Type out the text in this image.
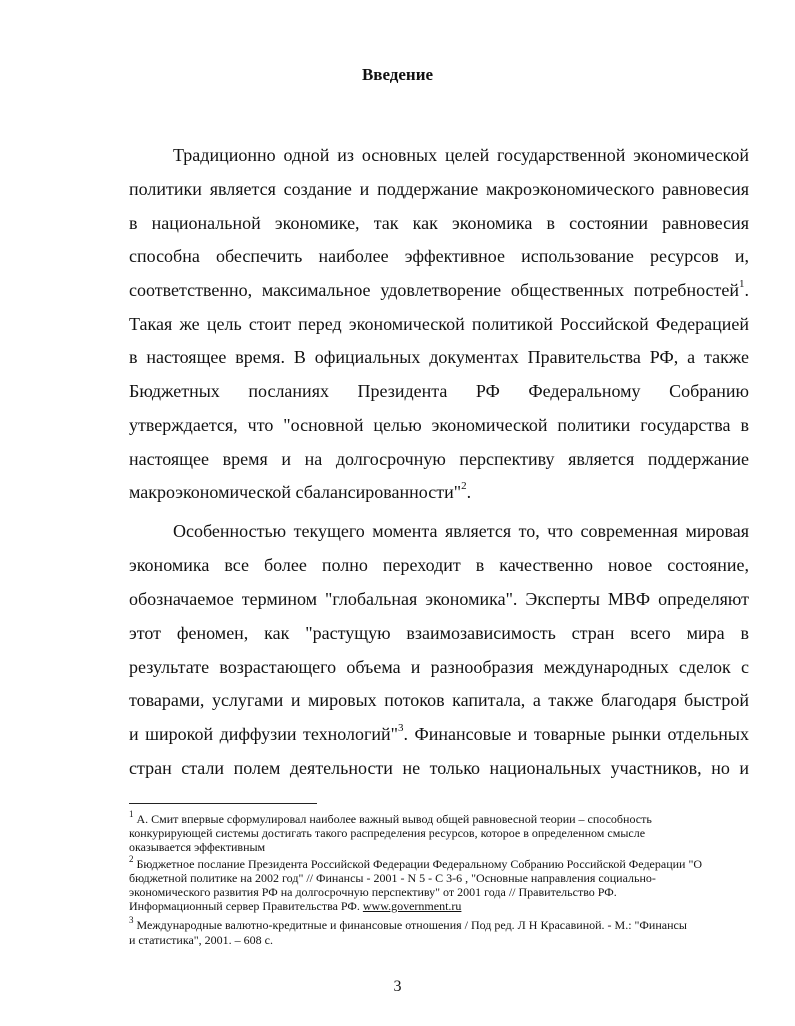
Введение
Традиционно одной из основных целей государственной экономической
политики является создание и поддержание макроэкономического равновесия
в национальной экономике, так как экономика в состоянии равновесия
способна обеспечить наиболее эффективное использование ресурсов и,
соответственно, максимальное удовлетворение общественных потребностей$^1$.
Такая же цель стоит перед экономической политикой Российской Федерацией
в настоящее время. В официальных документах Правительства РФ, а также
Бюджетных посланиях Президента РФ Федеральному Собранию
утверждается, что "основной целью экономической политики государства в
настоящее время и на долгосрочную перспективу является поддержание
макроэкономической сбалансированности"$^2$.
Особенностью текущего момента является то, что современная мировая
экономика все более полно переходит в качественно новое состояние,
обозначаемое термином "глобальная экономика". Эксперты МВФ определяют
этот феномен, как "растущую взаимозависимость стран всего мира в
результате возрастающего объема и разнообразия международных сделок с
товарами, услугами и мировых потоков капитала, а также благодаря быстрой
и широкой диффузии технологий"$^3$. Финансовые и товарные рынки отдельных
стран стали полем деятельности не только национальных участников, но и
$^1$ А. Смит впервые сформулировал наиболее важный вывод общей равновесной теории – способность
конкурирующей системы достигать такого распределения ресурсов, которое в определенном смысле
оказывается эффективным
$^2$ Бюджетное послание Президента Российской Федерации Федеральному Собранию Российской Федерации "О
бюджетной политике на 2002 год" // Финансы - 2001 - N 5 - С 3-6 , "Основные направления социально-
экономического развития РФ на долгосрочную перспективу" от 2001 года // Правительство РФ.
Информационный сервер Правительства РФ. www.government.ru
$^3$ Международные валютно-кредитные и финансовые отношения / Под ред. Л Н Красавиной. - М.: "Финансы
и статистика", 2001. – 608 с.
3
